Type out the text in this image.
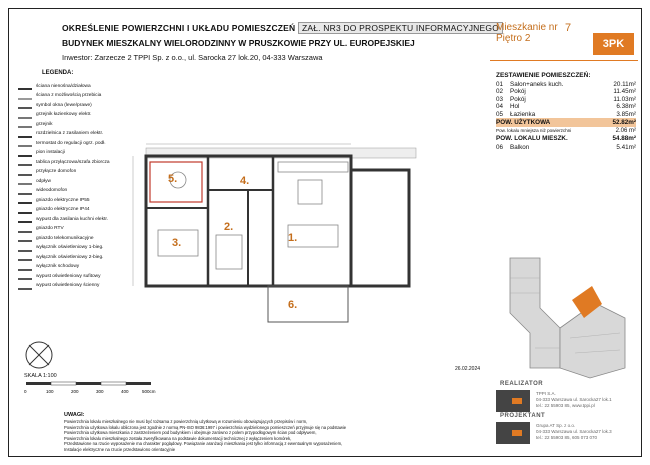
OKREŚLENIE POWIERZCHNI I UKŁADU POMIESZCZEŃ ZAŁ. NR3 DO PROSPEKTU INFORMACYJNEGO
BUDYNEK MIESZKALNY WIELORODZINNY W PRUSZKOWIE PRZY UL. EUROPEJSKIEJ
Inwestor: Zarzecze 2 TPPI Sp. z o.o., ul. Sarocka 27 lok.20, 04-333 Warszawa
LEGENDA:
ściana nienośna/działowa
ściana z możliwością przebicia
symbol okna (lewe/prawe)
grzejnik łazienkowy elektr.
grzejnik
rozdzielnica z zasilaniem elektr.
termostat do regulacji ogrz. podł.
pion instalacji
tablica przyłączowa/szafa zbiorcza
przyłącze domofon
odpływ
wideodomofon
gniazdo elektryczne IP55
gniazdo elektryczne IP44
wypust dla zasilania kuchni elektr.
gniazdo RTV
gniazdo telekomunikacyjne
wyłącznik oświetleniowy 1-bieg.
wyłącznik oświetleniowy 2-bieg.
wyłącznik schodowy
wypust oświetleniowy sufitowy
wypust oświetleniowy ścienny
3.
2.
1.
4.
5.
6.
Mieszkanie nr
Piętro 2
7
3PK
ZESTAWIENIE POMIESZCZEŃ:
01	Salon+aneks kuch.	20.11m²
02	Pokój	11.45m²
03	Pokój	11.03m²
04	Hol	6.38m²
05	Łazienka	3.85m²
POW. UŻYTKOWA	52.82m²
Pow. lokalu mniejsza niż powierzchni	2.06 m²
POW. LOKALU MIESZK.	54.88m²
06	Balkon	5.41m²
SKALA 1:100
0	100	200	300	400	500cm
26.02.2024
REALIZATOR
TPPI S.A.
04-333 Warszawa ul. Sarocka27 lok.1
tel.: 22 55903 85, www.tppi.pl
PROJEKTANT
Grupa AT Sp. z o.o.
04-333 Warszawa ul. Sarocka27 lok.3
tel.: 22 55903 85, 605 073 070
UWAGI:
Powierzchnia lokalu mieszkalnego nie musi być tożsama z powierzchnią użytkową w rozumieniu obowiązujących przepisów i norm,
Powierzchnia użytkowa lokalu obliczona jest zgodnie z normą PN-ISO 9836:1997 i powierzchnia wydzielonego pomieszczeń przyjmuje się na podstawie
Powierzchnia użytkowa mieszkania z zastrzeżeniem pod budynkiem i obejmuje zarówno z polem przypodłogowym ścian pod odpływem,
Powierzchnia lokalu mieszkalnego została zweryfikowana na podstawie dokumentacji technicznej z wyłączeniem komórek,
Przedstawione na rzucie wyposażenie ma charakter poglądowy. Powiązanie aranżacji mieszkania jest tylko informacją z ewentualnym wyposażeniem,
Instalacje elektryczne na rzucie przedstawiono orientacyjnie
